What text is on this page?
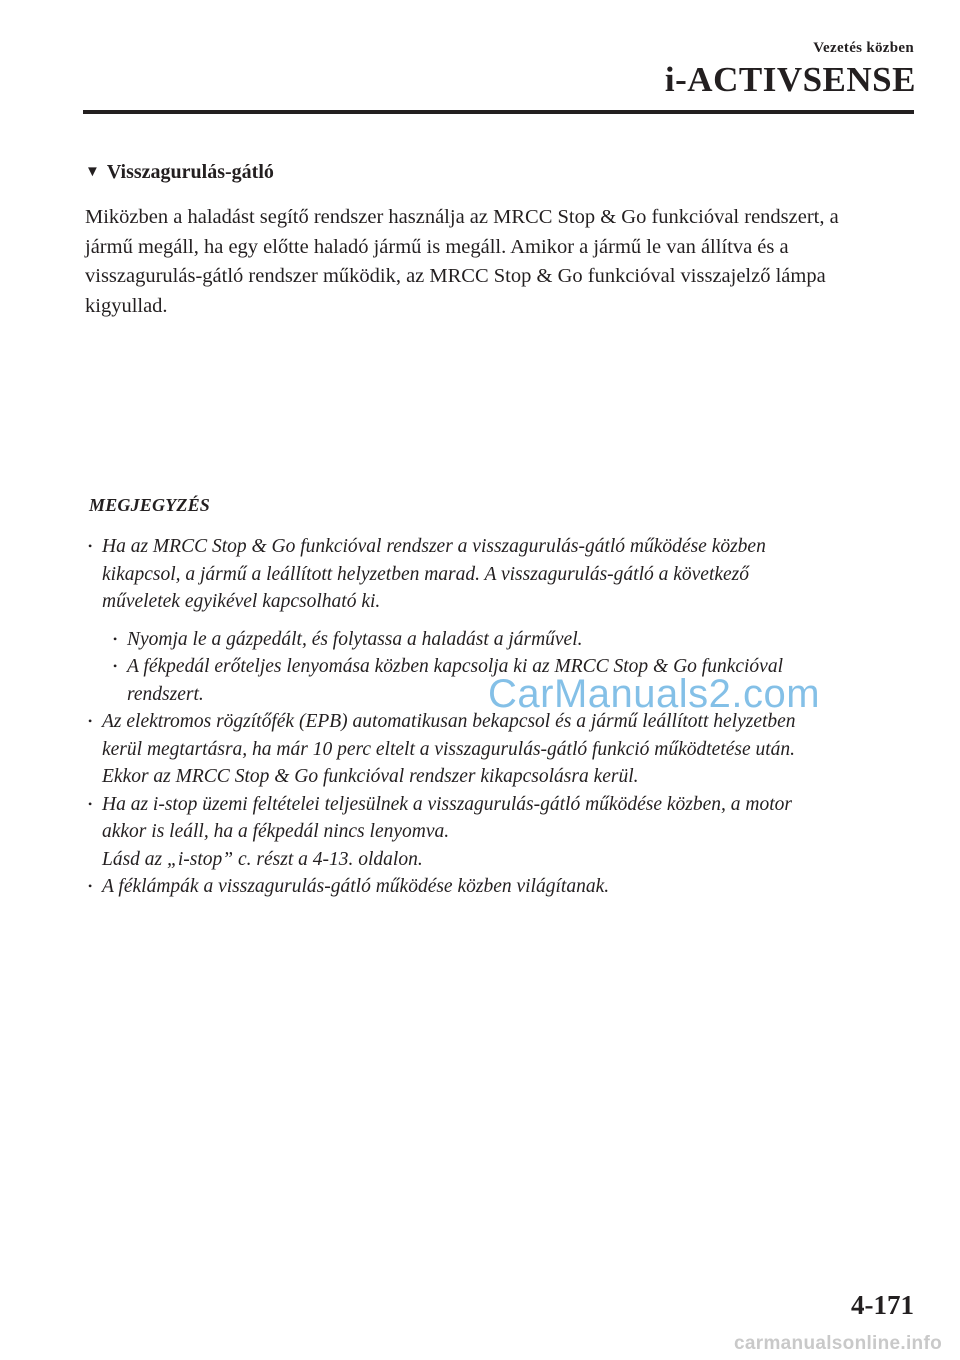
Vezetés közben
i-ACTIVSENSE
▼ Visszagurulás-gátló
Miközben a haladást segítő rendszer használja az MRCC Stop & Go funkcióval rendszert, a
jármű megáll, ha egy előtte haladó jármű is megáll. Amikor a jármű le van állítva és a
visszagurulás-gátló rendszer működik, az MRCC Stop & Go funkcióval visszajelző lámpa
kigyullad.
MEGJEGYZÉS
• Ha az MRCC Stop & Go funkcióval rendszer a visszagurulás-gátló működése közben
kikapcsol, a jármű a leállított helyzetben marad. A visszagurulás-gátló a következő
műveletek egyikével kapcsolható ki.
• Nyomja le a gázpedált, és folytassa a haladást a járművel.
• A fékpedál erőteljes lenyomása közben kapcsolja ki az MRCC Stop & Go funkcióval
rendszert.
• Az elektromos rögzítőfék (EPB) automatikusan bekapcsol és a jármű leállított helyzetben
kerül megtartásra, ha már 10 perc eltelt a visszagurulás-gátló funkció működtetése után.
Ekkor az MRCC Stop & Go funkcióval rendszer kikapcsolásra kerül.
• Ha az i-stop üzemi feltételei teljesülnek a visszagurulás-gátló működése közben, a motor
akkor is leáll, ha a fékpedál nincs lenyomva.
Lásd az „i-stop” c. részt a 4-13. oldalon.
• A féklámpák a visszagurulás-gátló működése közben világítanak.
CarManuals2.com
4-171
carmanualsonline.info
